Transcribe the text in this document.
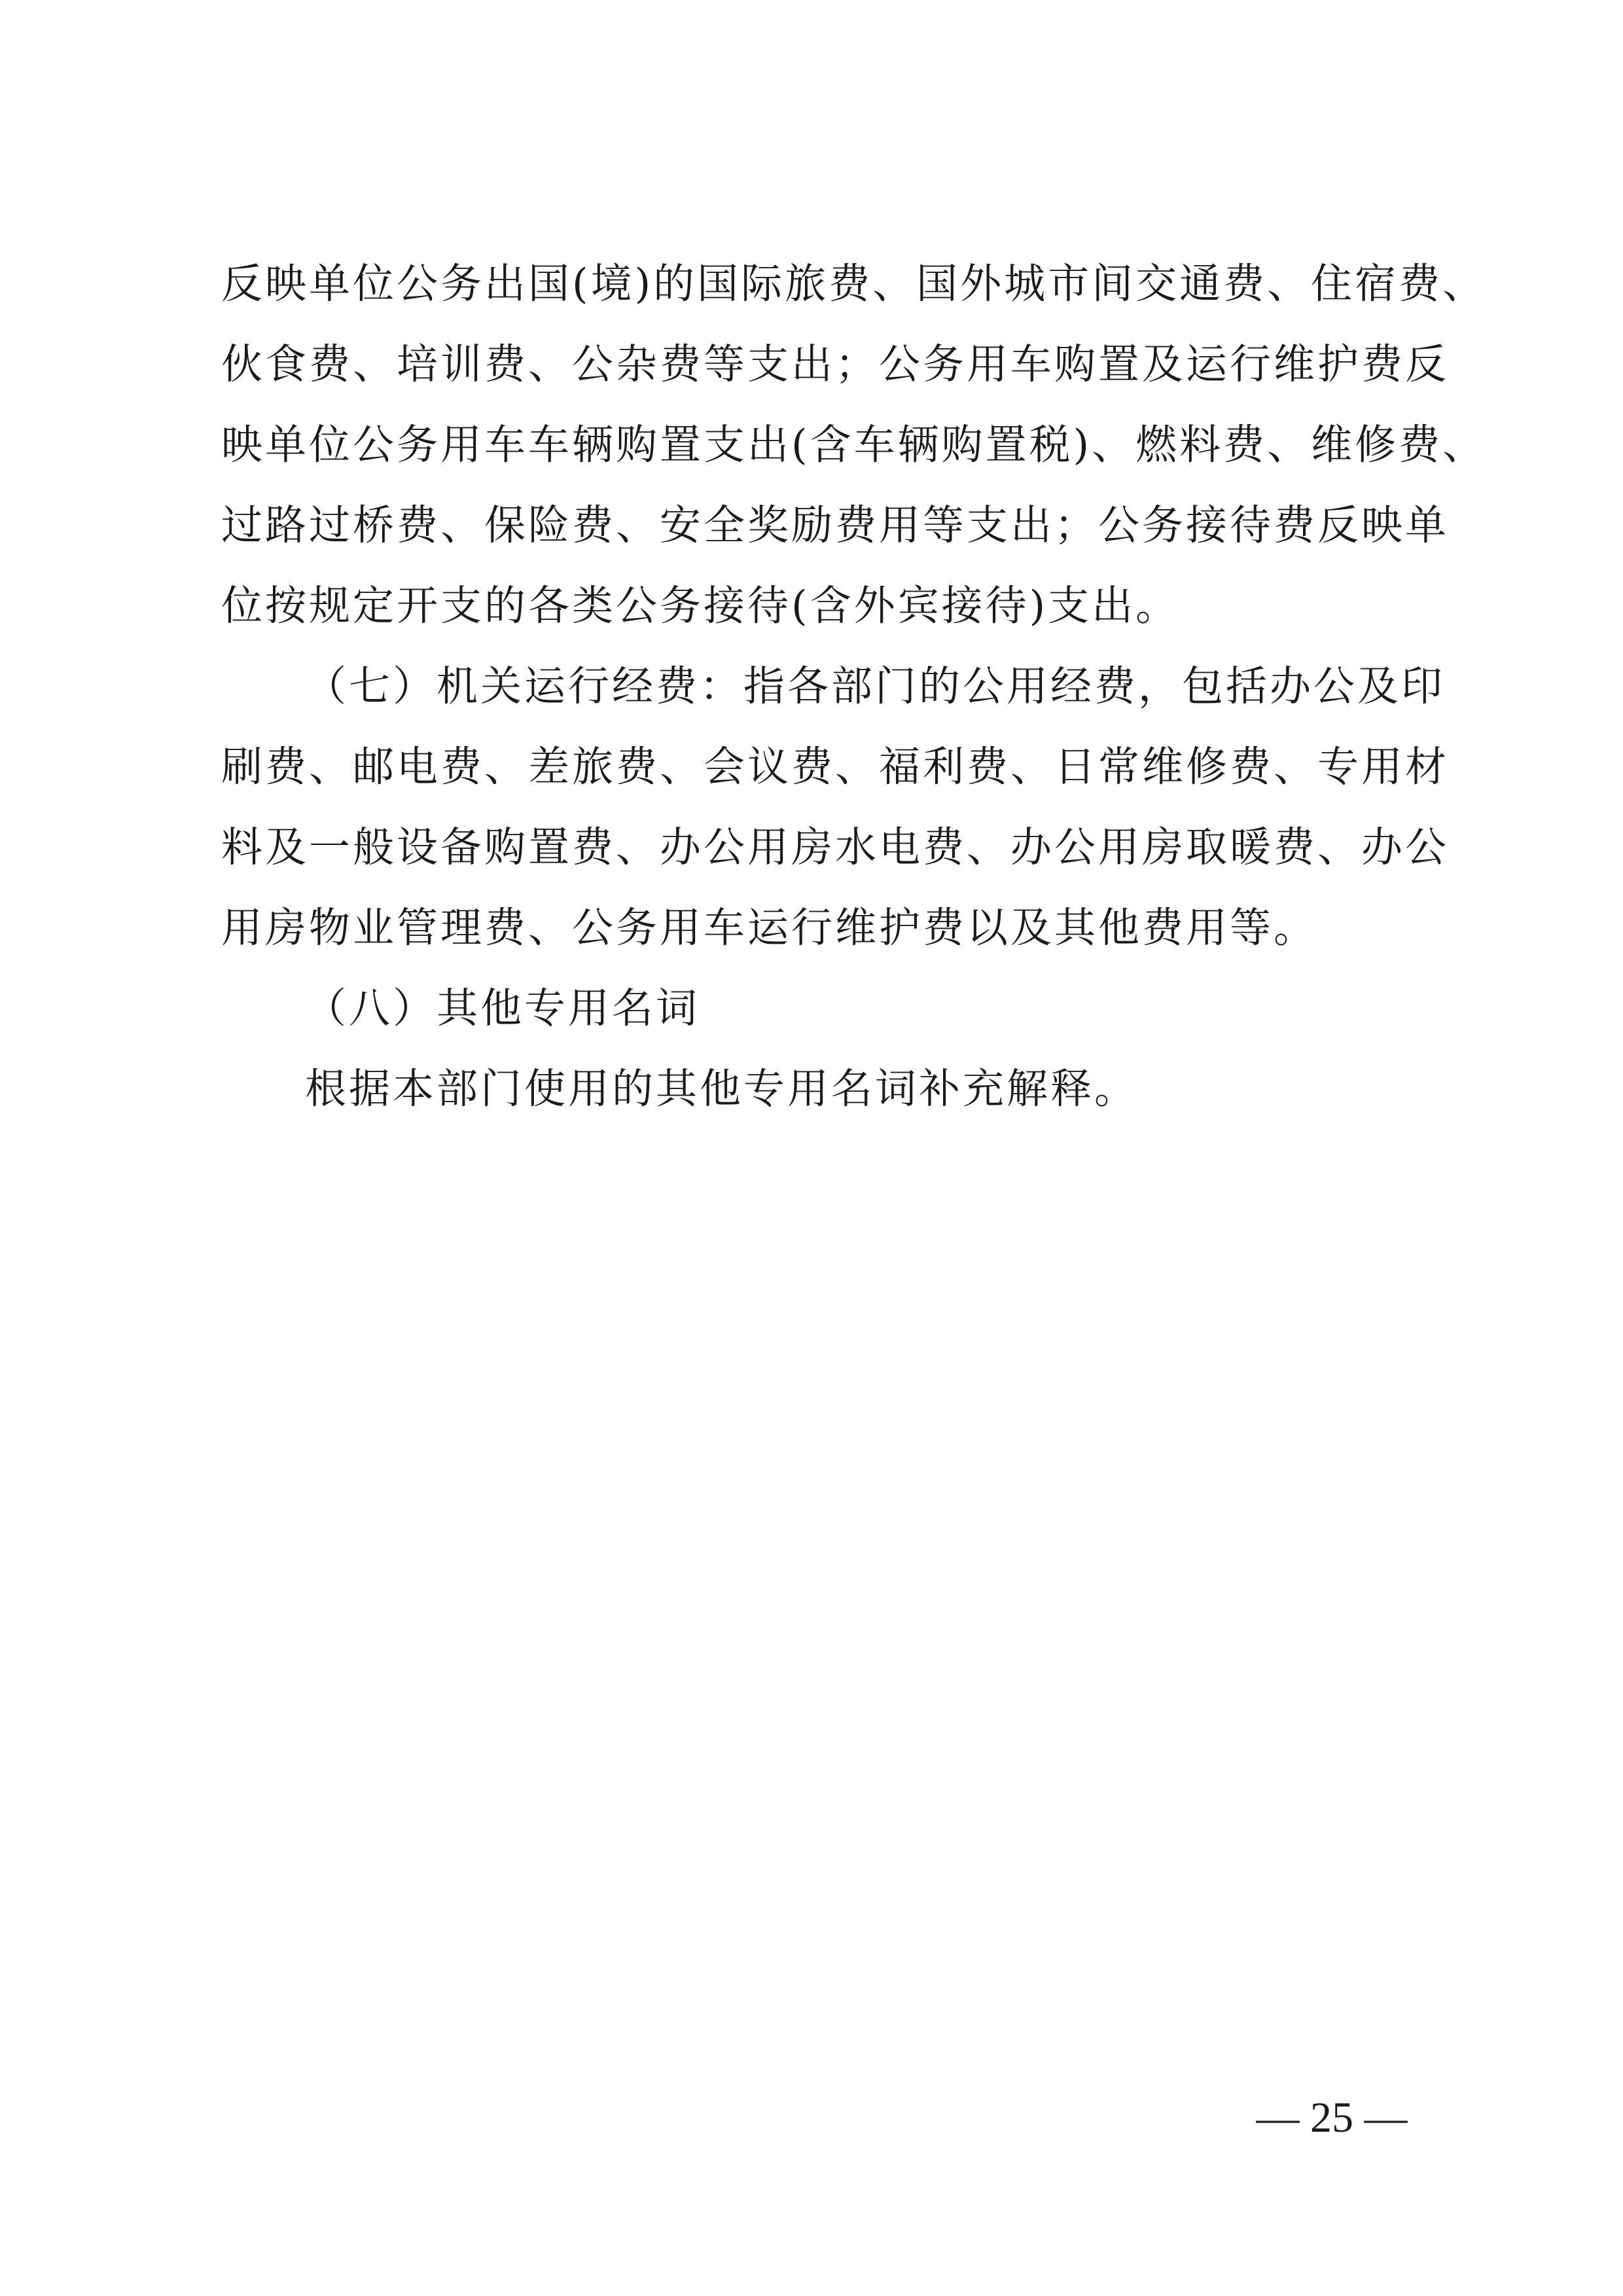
反映单位公务出国(境)的国际旅费、国外城市间交通费、住宿费、
伙食费、培训费、公杂费等支出；公务用车购置及运行维护费反
映单位公务用车车辆购置支出(含车辆购置税)、燃料费、维修费、
过路过桥费、保险费、安全奖励费用等支出；公务接待费反映单
位按规定开支的各类公务接待(含外宾接待)支出。
（七）机关运行经费：指各部门的公用经费，包括办公及印
刷费、邮电费、差旅费、会议费、福利费、日常维修费、专用材
料及一般设备购置费、办公用房水电费、办公用房取暖费、办公
用房物业管理费、公务用车运行维护费以及其他费用等。
（八）其他专用名词
根据本部门使用的其他专用名词补充解释。
— 25 —
